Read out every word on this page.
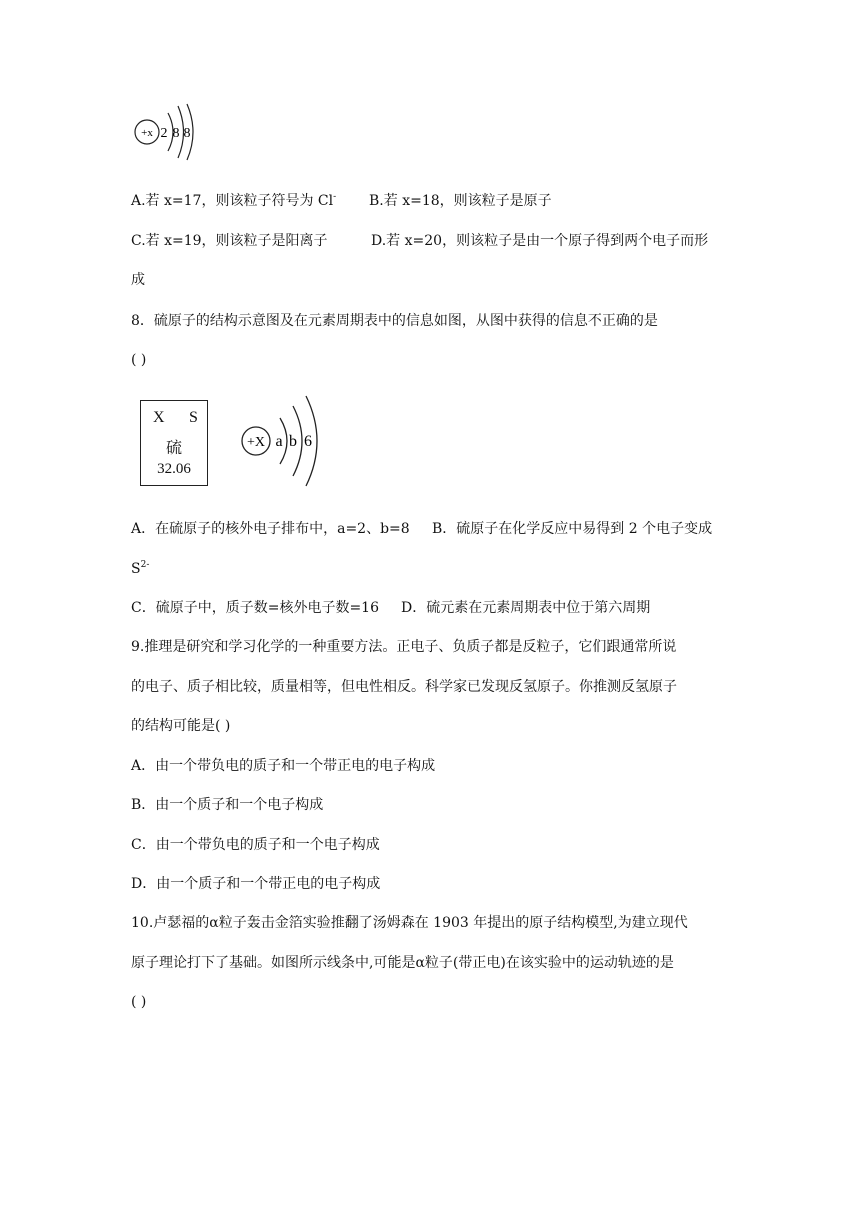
+x 2 8 8
A.若 x=17，则该粒子符号为 Cl- B.若 x=18，则该粒子是原子
C.若 x=19，则该粒子是阳离子	D.若 x=20，则该粒子是由一个原子得到两个电子而形
成
8．硫原子的结构示意图及在元素周期表中的信息如图，从图中获得的信息不正确的是
( )
X S
硫
32.06
+X a b 6
A．在硫原子的核外电子排布中，a=2、b=8 B．硫原子在化学反应中易得到 2 个电子变成
$S^{2-}$
C．硫原子中，质子数=核外电子数=16 D．硫元素在元素周期表中位于第六周期
9.推理是研究和学习化学的一种重要方法。正电子、负质子都是反粒子，它们跟通常所说
的电子、质子相比较，质量相等，但电性相反。科学家已发现反氢原子。你推测反氢原子
的结构可能是( )
A．由一个带负电的质子和一个带正电的电子构成
B．由一个质子和一个电子构成
C．由一个带负电的质子和一个电子构成
D．由一个质子和一个带正电的电子构成
10.卢瑟福的α粒子轰击金箔实验推翻了汤姆森在 1903 年提出的原子结构模型,为建立现代
原子理论打下了基础。如图所示线条中,可能是α粒子(带正电)在该实验中的运动轨迹的是
( )
